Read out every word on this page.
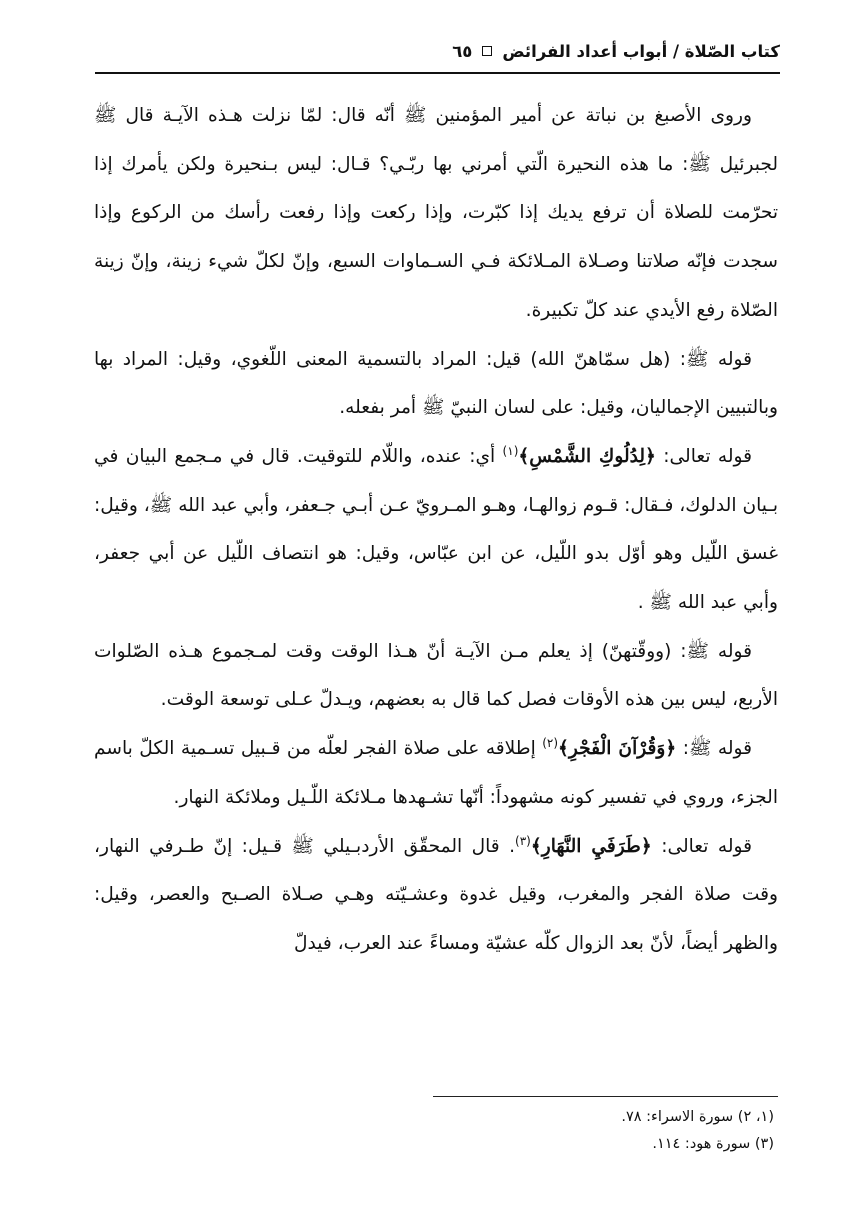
كتاب الصّلاة / أبواب أعداد الفرائض
٦٥

وروى الأصبغ بن نباتة عن أمير المؤمنين ﷺ أنّه قال: لمّا نزلت هـذه الآيـة قال ﷺ لجبرئيل ﷺ: ما هذه النحيرة الّتي أمرني بها ربّـي؟ قـال: ليس بـنحيرة ولكن يأمرك إذا تحرّمت للصلاة أن ترفع يديك إذا كبّرت، وإذا ركعت وإذا رفعت رأسك من الركوع وإذا سجدت فإنّه صلاتنا وصـلاة المـلائكة فـي السـماوات السبع، وإنّ لكلّ شيء زينة، وإنّ زينة الصّلاة رفع الأيدي عند كلّ تكبيرة.

قوله ﷺ: (هل سمّاهنّ الله) قيل: المراد بالتسمية المعنى اللّغوي، وقيل: المراد بها وبالتبيين الإجماليان، وقيل: على لسان النبيّ ﷺ أمر بفعله.

قوله تعالى: ﴿لِدُلُوكِ الشَّمْسِ﴾$^{(١)}$ أي: عنده، واللّام للتوقيت. قال في مـجمع البيان في بـيان الدلوك، فـقال: قـوم زوالهـا، وهـو المـرويّ عـن أبـي جـعفر، وأبي عبد الله ﷺ، وقيل: غسق اللّيل وهو أوّل بدو اللّيل، عن ابن عبّاس، وقيل: هو انتصاف اللّيل عن أبي جعفر، وأبي عبد الله ﷺ .

قوله ﷺ: (ووقّتهنّ) إذ يعلم مـن الآيـة أنّ هـذا الوقت وقت لمـجموع هـذه الصّلوات الأربع، ليس بين هذه الأوقات فصل كما قال به بعضهم، ويـدلّ عـلى توسعة الوقت.

قوله ﷺ: ﴿وَقُرْآنَ الْفَجْرِ﴾$^{(٢)}$ إطلاقه على صلاة الفجر لعلّه من قـبيل تسـمية الكلّ باسم الجزء، وروي في تفسير كونه مشهوداً: أنّها تشـهدها مـلائكة اللّـيل وملائكة النهار.

قوله تعالى: ﴿طَرَفَيِ النَّهَارِ﴾$^{(٣)}$. قال المحقّق الأردبـيلي ﷺ قـيل: إنّ طـرفي النهار، وقت صلاة الفجر والمغرب، وقيل غدوة وعشـيّته وهـي صـلاة الصـبح والعصر، وقيل: والظهر أيضاً، لأنّ بعد الزوال كلّه عشيّة ومساءً عند العرب، فيدلّ

(١، ٢) سورة الاسراء: ٧٨.
(٣) سورة هود: ١١٤.
